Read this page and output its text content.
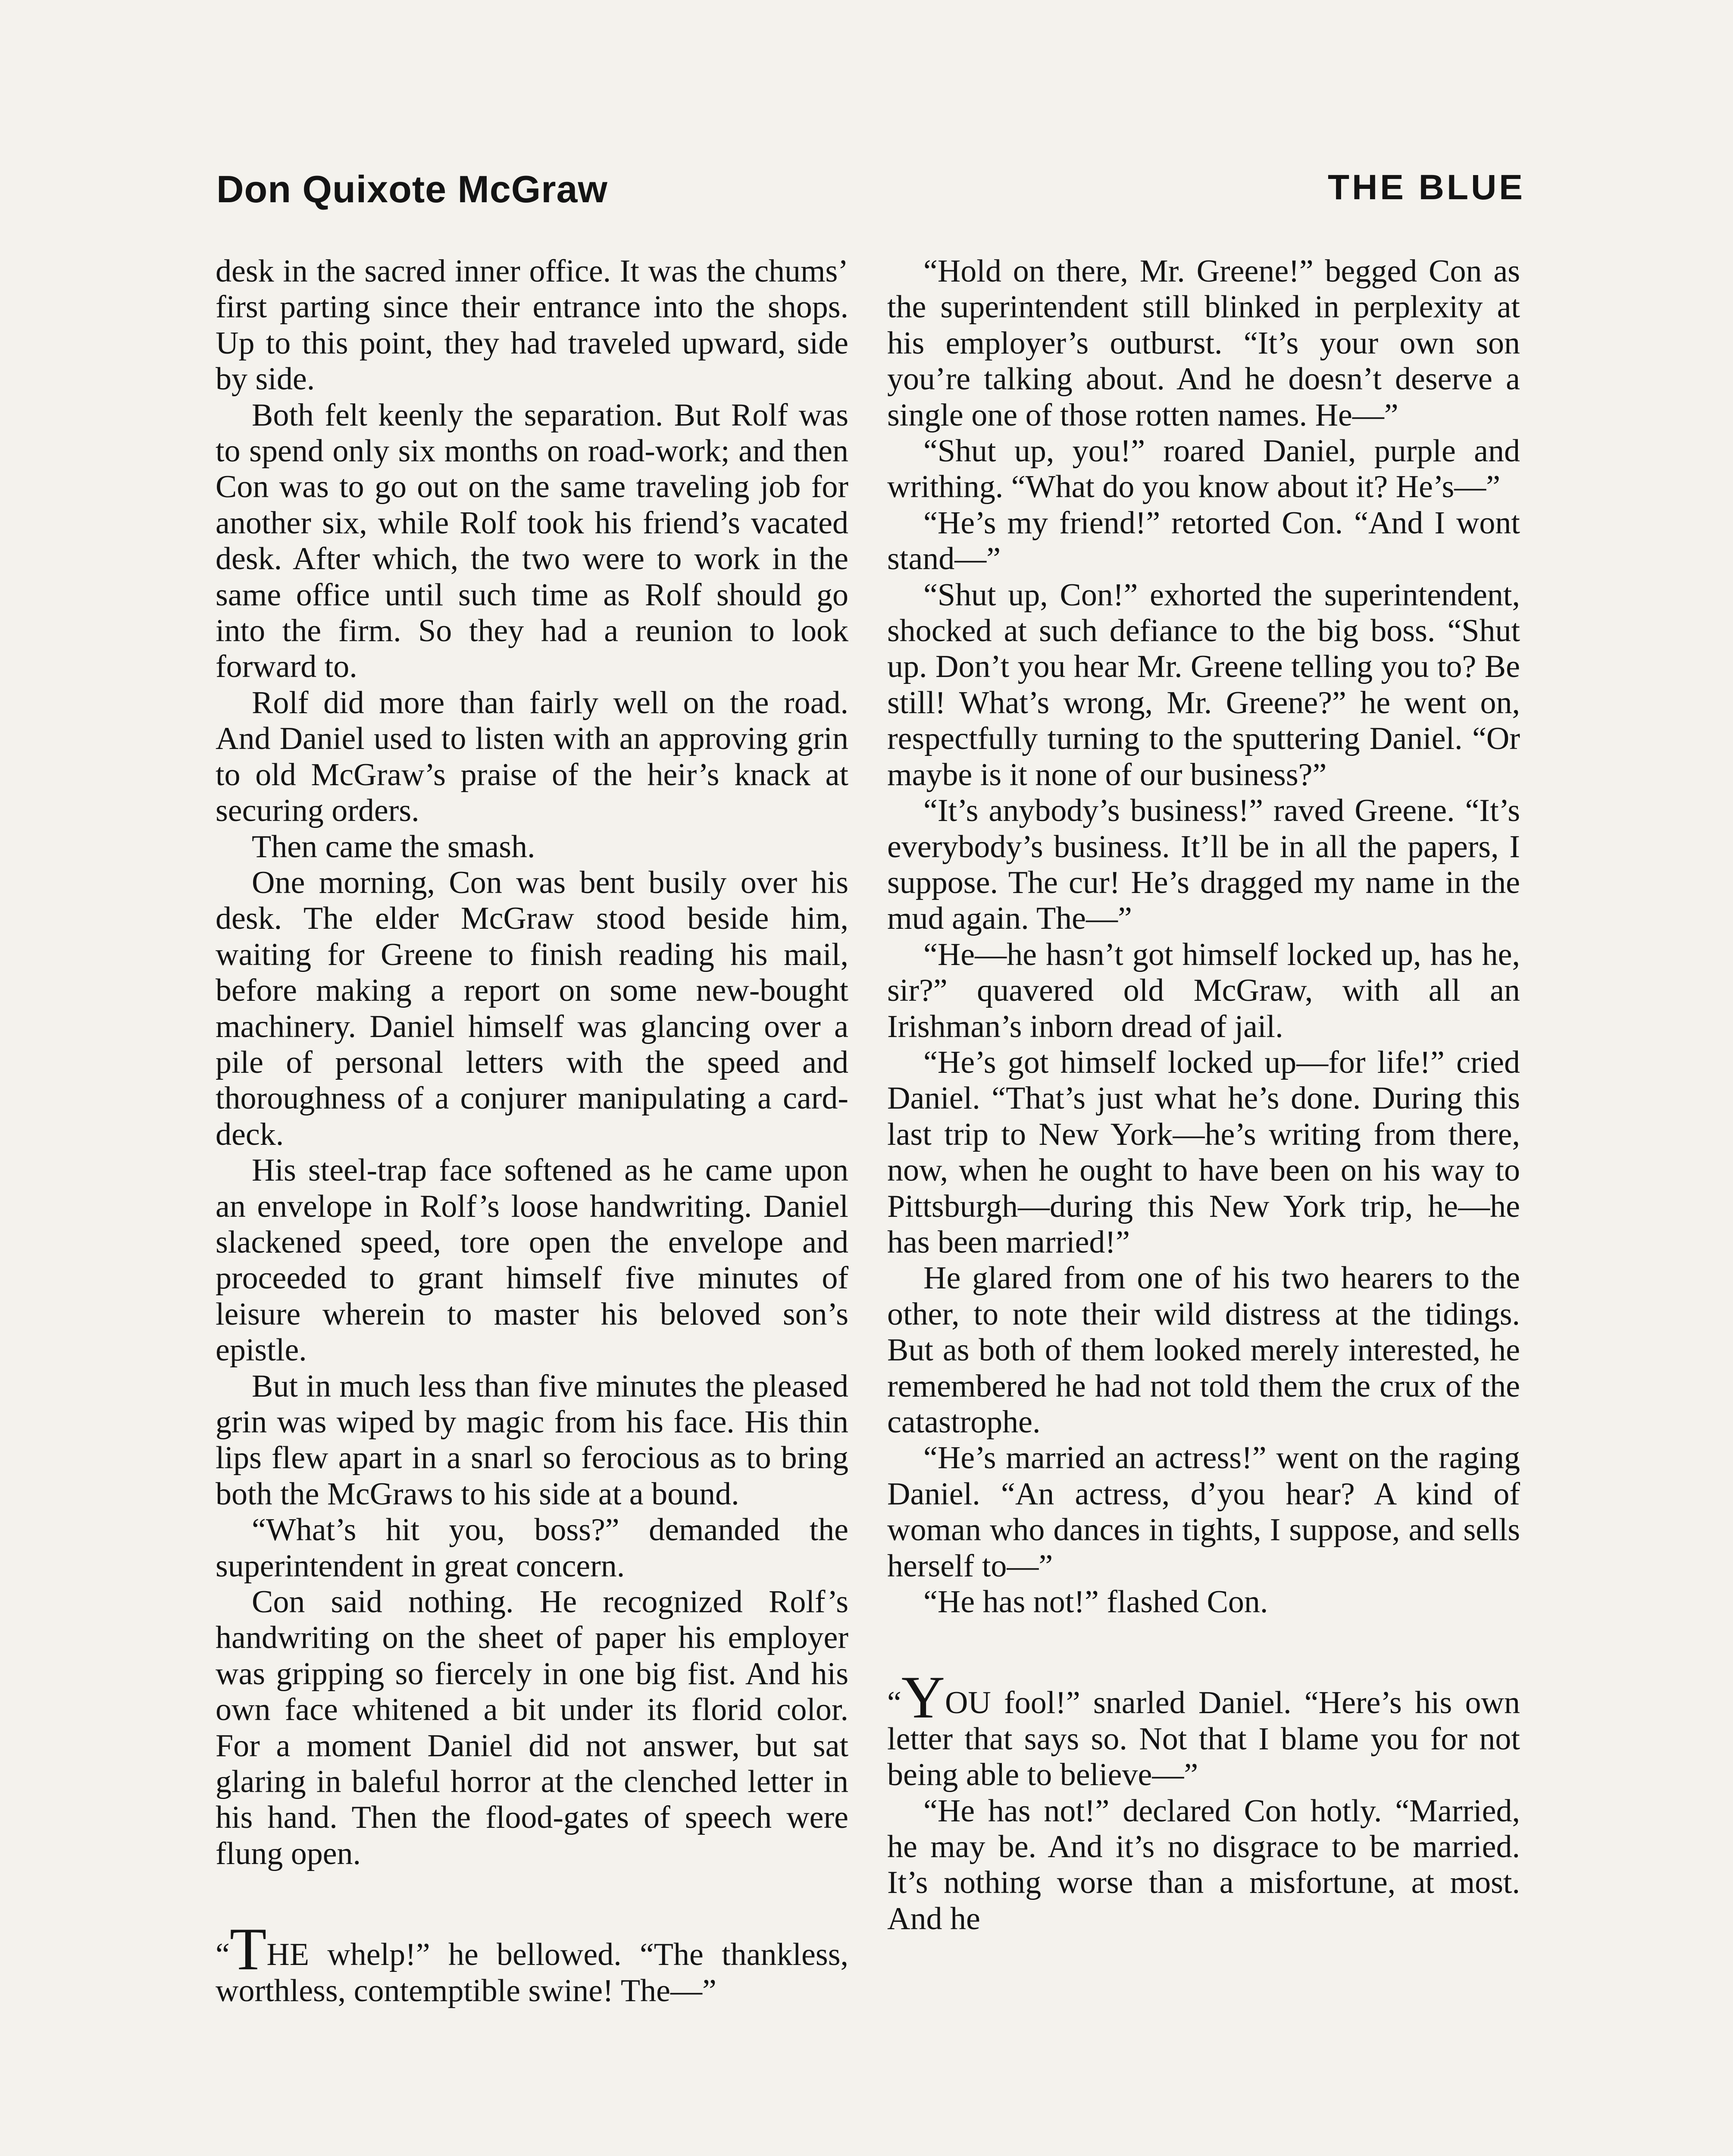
Don Quixote McGraw	THE BLUE

desk in the sacred inner office. It was the chums’ first parting since their entrance into the shops. Up to this point, they had traveled upward, side by side.

Both felt keenly the separation. But Rolf was to spend only six months on road-work; and then Con was to go out on the same traveling job for another six, while Rolf took his friend’s vacated desk. After which, the two were to work in the same office until such time as Rolf should go into the firm. So they had a reunion to look forward to.

Rolf did more than fairly well on the road. And Daniel used to listen with an approving grin to old McGraw’s praise of the heir’s knack at securing orders.

Then came the smash.

One morning, Con was bent busily over his desk. The elder McGraw stood beside him, waiting for Greene to finish reading his mail, before making a report on some new-bought machinery. Daniel himself was glancing over a pile of personal letters with the speed and thoroughness of a conjurer manipulating a card-deck.

His steel-trap face softened as he came upon an envelope in Rolf’s loose handwriting. Daniel slackened speed, tore open the envelope and proceeded to grant himself five minutes of leisure wherein to master his beloved son’s epistle.

But in much less than five minutes the pleased grin was wiped by magic from his face. His thin lips flew apart in a snarl so ferocious as to bring both the McGraws to his side at a bound.

“What’s hit you, boss?” demanded the superintendent in great concern.

Con said nothing. He recognized Rolf’s handwriting on the sheet of paper his employer was gripping so fiercely in one big fist. And his own face whitened a bit under its florid color. For a moment Daniel did not answer, but sat glaring in baleful horror at the clenched letter in his hand. Then the flood-gates of speech were flung open.

“THE whelp!” he bellowed. “The thankless, worthless, contemptible swine! The—”

“Hold on there, Mr. Greene!” begged Con as the superintendent still blinked in perplexity at his employer’s outburst. “It’s your own son you’re talking about. And he doesn’t deserve a single one of those rotten names. He—”

“Shut up, you!” roared Daniel, purple and writhing. “What do you know about it? He’s—”

“He’s my friend!” retorted Con. “And I wont stand—”

“Shut up, Con!” exhorted the superintendent, shocked at such defiance to the big boss. “Shut up. Don’t you hear Mr. Greene telling you to? Be still! What’s wrong, Mr. Greene?” he went on, respectfully turning to the sputtering Daniel. “Or maybe is it none of our business?”

“It’s anybody’s business!” raved Greene. “It’s everybody’s business. It’ll be in all the papers, I suppose. The cur! He’s dragged my name in the mud again. The—”

“He—he hasn’t got himself locked up, has he, sir?” quavered old McGraw, with all an Irishman’s inborn dread of jail.

“He’s got himself locked up—for life!” cried Daniel. “That’s just what he’s done. During this last trip to New York—he’s writing from there, now, when he ought to have been on his way to Pittsburgh—during this New York trip, he—he has been married!”

He glared from one of his two hearers to the other, to note their wild distress at the tidings. But as both of them looked merely interested, he remembered he had not told them the crux of the catastrophe.

“He’s married an actress!” went on the raging Daniel. “An actress, d’you hear? A kind of woman who dances in tights, I suppose, and sells herself to—”

“He has not!” flashed Con.

“YOU fool!” snarled Daniel. “Here’s his own letter that says so. Not that I blame you for not being able to believe—”

“He has not!” declared Con hotly. “Married, he may be. And it’s no disgrace to be married. It’s nothing worse than a misfortune, at most. And he
